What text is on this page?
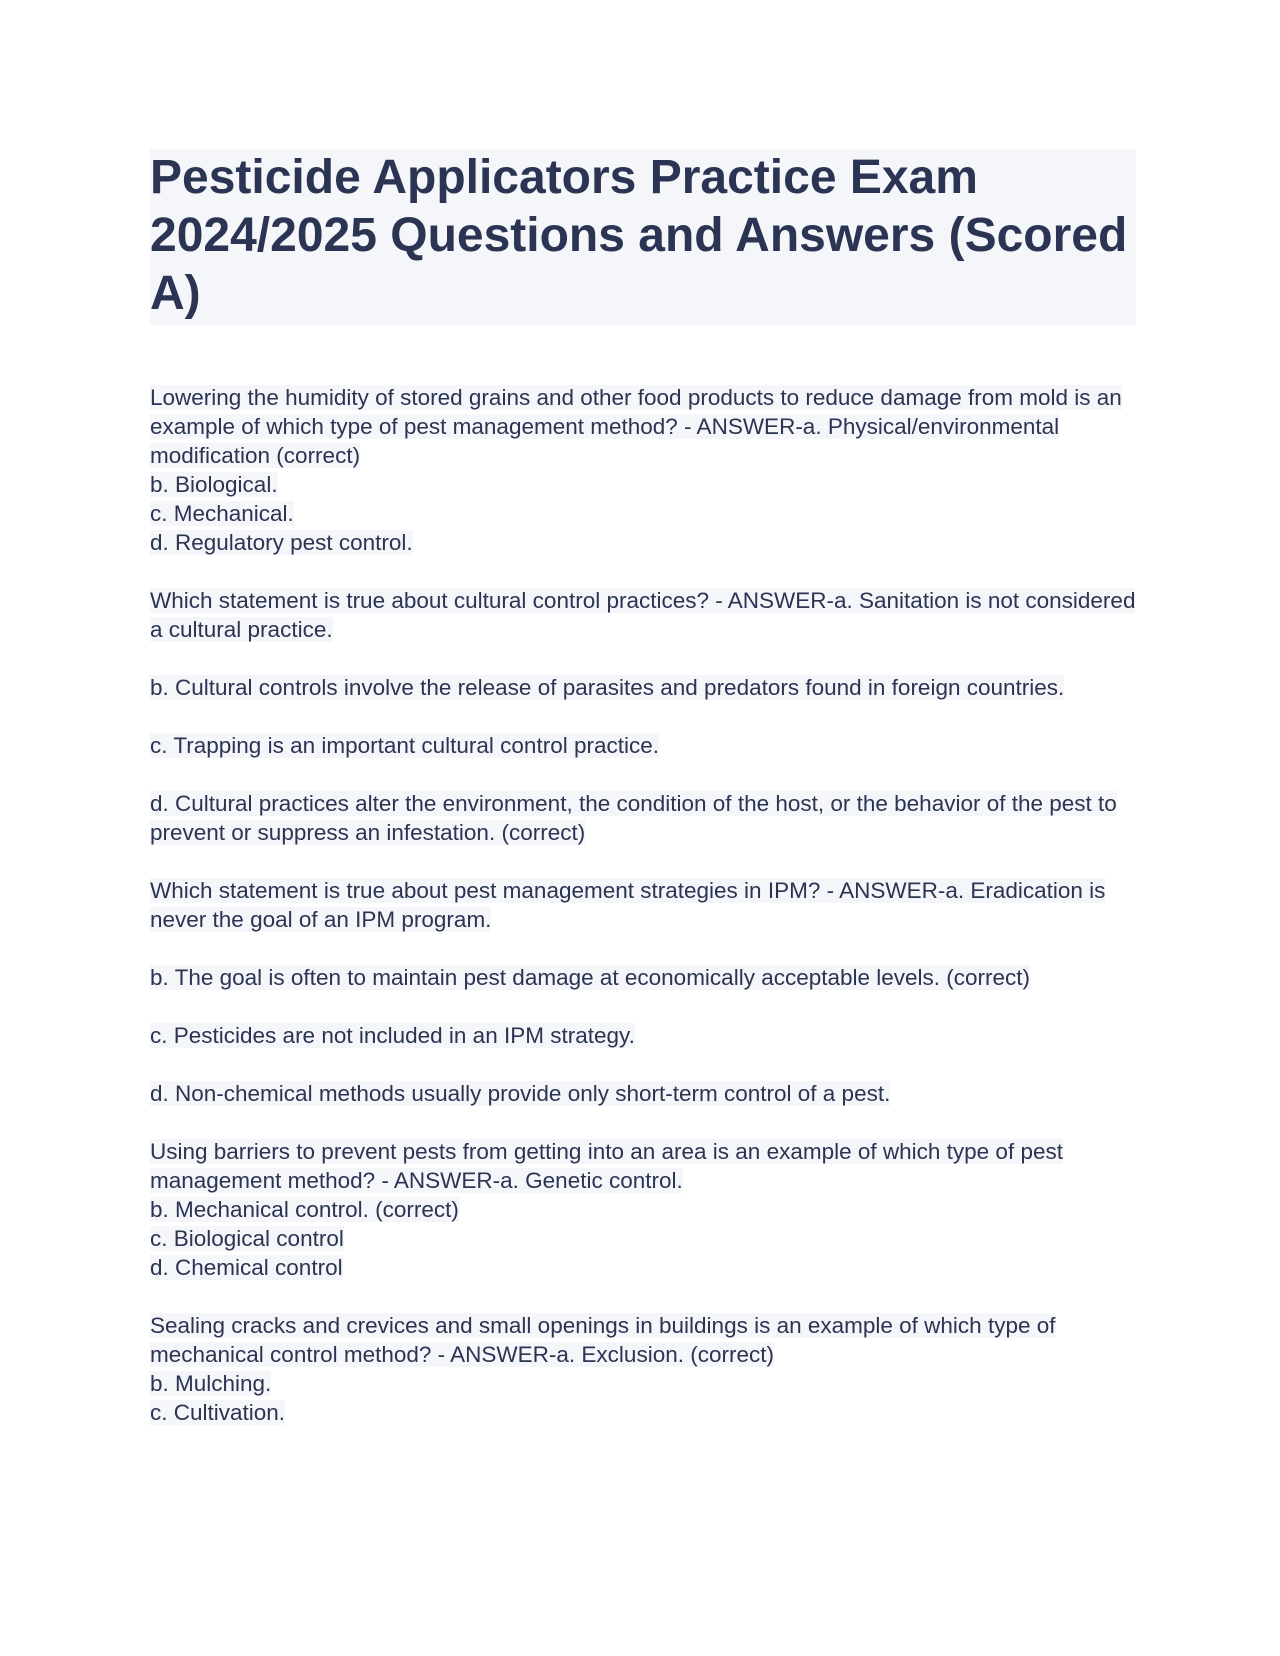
Pesticide Applicators Practice Exam 2024/2025 Questions and Answers (Scored A)
Lowering the humidity of stored grains and other food products to reduce damage from mold is an example of which type of pest management method? - ANSWER-a. Physical/environmental modification (correct)
b. Biological.
c. Mechanical.
d. Regulatory pest control.
Which statement is true about cultural control practices? - ANSWER-a. Sanitation is not considered a cultural practice.
b. Cultural controls involve the release of parasites and predators found in foreign countries.
c. Trapping is an important cultural control practice.
d. Cultural practices alter the environment, the condition of the host, or the behavior of the pest to prevent or suppress an infestation. (correct)
Which statement is true about pest management strategies in IPM? - ANSWER-a. Eradication is never the goal of an IPM program.
b. The goal is often to maintain pest damage at economically acceptable levels. (correct)
c. Pesticides are not included in an IPM strategy.
d. Non-chemical methods usually provide only short-term control of a pest.
Using barriers to prevent pests from getting into an area is an example of which type of pest management method? - ANSWER-a. Genetic control.
b. Mechanical control. (correct)
c. Biological control
d. Chemical control
Sealing cracks and crevices and small openings in buildings is an example of which type of mechanical control method? - ANSWER-a. Exclusion. (correct)
b. Mulching.
c. Cultivation.
